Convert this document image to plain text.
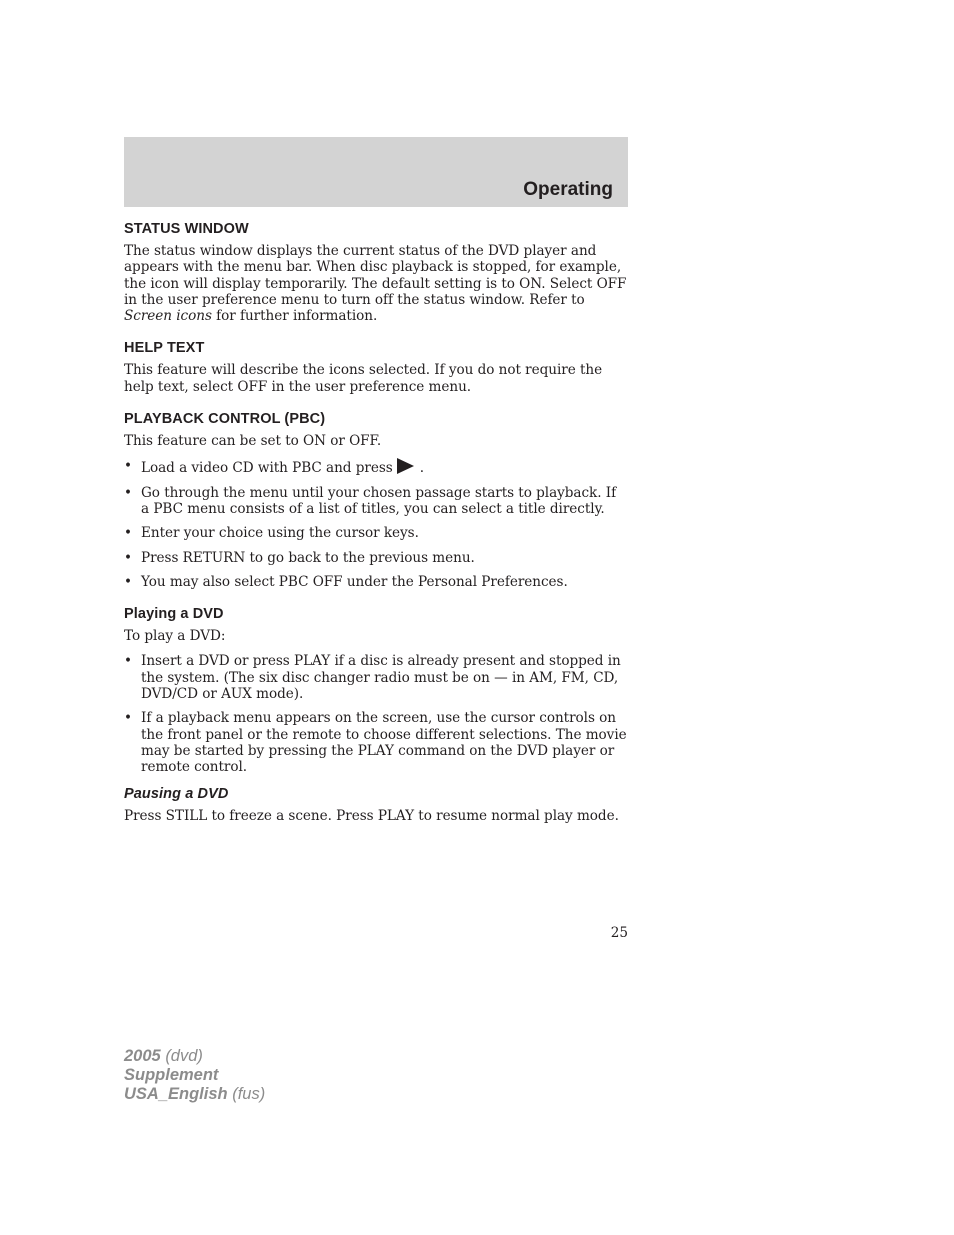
Operating
STATUS WINDOW

The status window displays the current status of the DVD player and appears with the menu bar. When disc playback is stopped, for example, the icon will display temporarily. The default setting is to ON. Select OFF in the user preference menu to turn off the status window. Refer to Screen icons for further information.

HELP TEXT

This feature will describe the icons selected. If you do not require the help text, select OFF in the user preference menu.

PLAYBACK CONTROL (PBC)

This feature can be set to ON or OFF.

• Load a video CD with PBC and press .
• Go through the menu until your chosen passage starts to playback. If a PBC menu consists of a list of titles, you can select a title directly.
• Enter your choice using the cursor keys.
• Press RETURN to go back to the previous menu.
• You may also select PBC OFF under the Personal Preferences.
Playing a DVD

To play a DVD:

• Insert a DVD or press PLAY if a disc is already present and stopped in the system. (The six disc changer radio must be on — in AM, FM, CD, DVD/CD or AUX mode).
• If a playback menu appears on the screen, use the cursor controls on the front panel or the remote to choose different selections. The movie may be started by pressing the PLAY command on the DVD player or remote control.
Pausing a DVD

Press STILL to freeze a scene. Press PLAY to resume normal play mode.

25
2005 (dvd)
Supplement
USA_English (fus)
